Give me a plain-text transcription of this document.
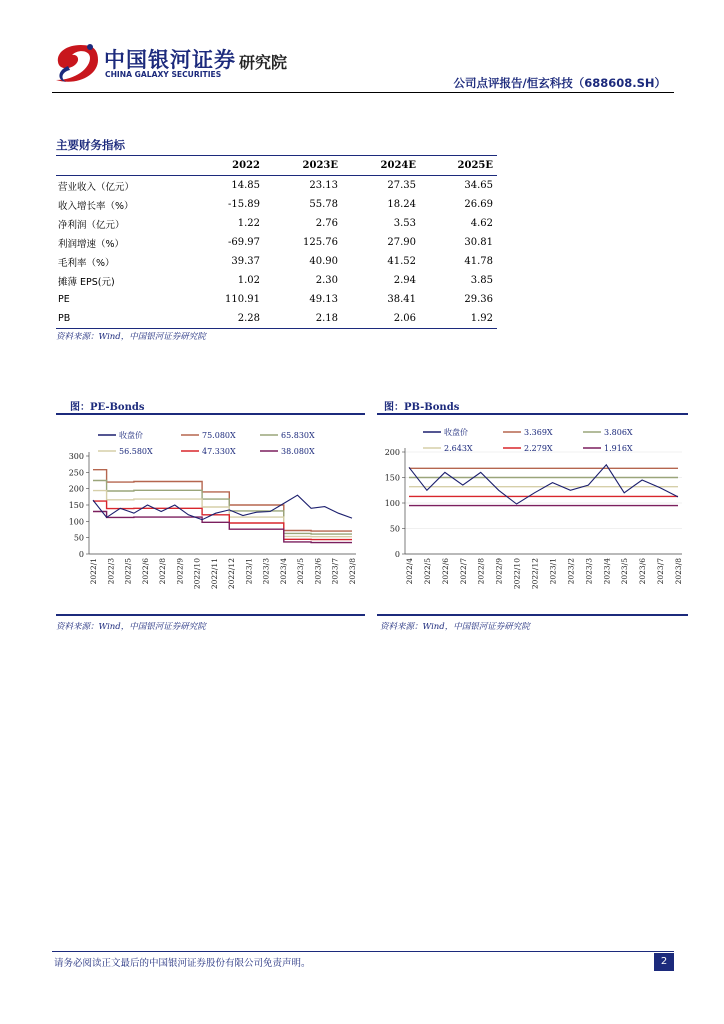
中国银河证券
CHINA GALAXY SECURITIES
研究院
公司点评报告/恒玄科技（688608.SH）
主要财务指标
	2022	2023E	2024E	2025E
营业收入（亿元）	14.85	23.13	27.35	34.65
收入增长率（%）	-15.89	55.78	18.24	26.69
净利润（亿元）	1.22	2.76	3.53	4.62
利润增速（%）	-69.97	125.76	27.90	30.81
毛利率（%）	39.37	40.90	41.52	41.78
摊薄 EPS(元)	1.02	2.30	2.94	3.85
PE	110.91	49.13	38.41	29.36
PB	2.28	2.18	2.06	1.92
资料来源：Wind，中国银河证券研究院
图：PE-Bonds
0
50
100
150
200
250
300
2022/1 2022/3 2022/5 2022/6 2022/8 2022/9 2022/10 2022/11 2022/12 2023/1 2023/3 2023/4 2023/5 2023/6 2023/7 2023/8
收盘价	75.080X	65.830X
56.580X	47.330X	38.080X
资料来源：Wind，中国银河证券研究院
图：PB-Bonds
0
50
100
150
200
2022/4 2022/5 2022/6 2022/7 2022/8 2022/9 2022/10 2022/12 2023/1 2023/2 2023/3 2023/4 2023/5 2023/6 2023/7 2023/8
收盘价	3.369X	3.806X
2.643X	2.279X	1.916X
资料来源：Wind，中国银河证券研究院
请务必阅读正文最后的中国银河证券股份有限公司免责声明。	2
